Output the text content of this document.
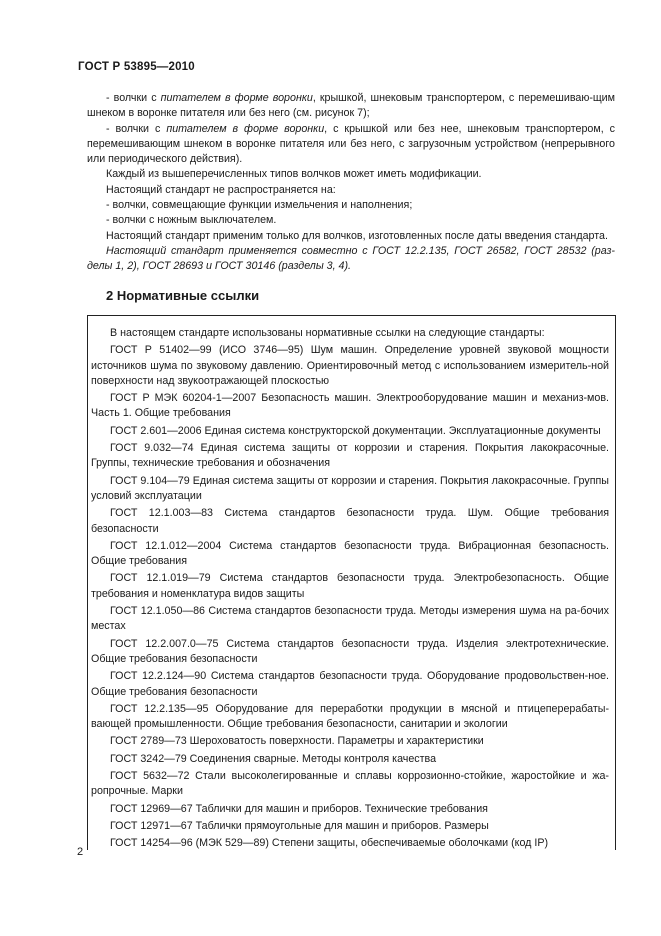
ГОСТ Р 53895—2010

- волчки с питателем в форме воронки, крышкой, шнековым транспортером, с перемешиваю-щим шнеком в воронке питателя или без него (см. рисунок 7);

- волчки с питателем в форме воронки, с крышкой или без нее, шнековым транспортером, с перемешивающим шнеком в воронке питателя или без него, с загрузочным устройством (непрерывного или периодического действия).

Каждый из вышеперечисленных типов волчков может иметь модификации.

Настоящий стандарт не распространяется на:

- волчки, совмещающие функции измельчения и наполнения;

- волчки с ножным выключателем.

Настоящий стандарт применим только для волчков, изготовленных после даты введения стандарта.

Настоящий стандарт применяется совместно с ГОСТ 12.2.135, ГОСТ 26582, ГОСТ 28532 (раз-делы 1, 2), ГОСТ 28693 и ГОСТ 30146 (разделы 3, 4).

2 Нормативные ссылки

В настоящем стандарте использованы нормативные ссылки на следующие стандарты:

ГОСТ Р 51402—99 (ИСО 3746—95) Шум машин. Определение уровней звуковой мощности источников шума по звуковому давлению. Ориентировочный метод с использованием измеритель-ной поверхности над звукоотражающей плоскостью

ГОСТ Р МЭК 60204-1—2007 Безопасность машин. Электрооборудование машин и механиз-мов. Часть 1. Общие требования

ГОСТ 2.601—2006 Единая система конструкторской документации. Эксплуатационные документы

ГОСТ 9.032—74 Единая система защиты от коррозии и старения. Покрытия лакокрасочные. Группы, технические требования и обозначения

ГОСТ 9.104—79 Единая система защиты от коррозии и старения. Покрытия лакокрасочные. Группы условий эксплуатации

ГОСТ 12.1.003—83 Система стандартов безопасности труда. Шум. Общие требования безопасности

ГОСТ 12.1.012—2004 Система стандартов безопасности труда. Вибрационная безопасность. Общие требования

ГОСТ 12.1.019—79 Система стандартов безопасности труда. Электробезопасность. Общие требования и номенклатура видов защиты

ГОСТ 12.1.050—86 Система стандартов безопасности труда. Методы измерения шума на ра-бочих местах

ГОСТ 12.2.007.0—75 Система стандартов безопасности труда. Изделия электротехнические. Общие требования безопасности

ГОСТ 12.2.124—90 Система стандартов безопасности труда. Оборудование продовольствен-ное. Общие требования безопасности

ГОСТ 12.2.135—95 Оборудование для переработки продукции в мясной и птицеперерабаты-вающей промышленности. Общие требования безопасности, санитарии и экологии

ГОСТ 2789—73 Шероховатость поверхности. Параметры и характеристики

ГОСТ 3242—79 Соединения сварные. Методы контроля качества

ГОСТ 5632—72 Стали высоколегированные и сплавы коррозионно-стойкие, жаростойкие и жа-ропрочные. Марки

ГОСТ 12969—67 Таблички для машин и приборов. Технические требования

ГОСТ 12971—67 Таблички прямоугольные для машин и приборов. Размеры

ГОСТ 14254—96 (МЭК 529—89) Степени защиты, обеспечиваемые оболочками (код IP)

2
